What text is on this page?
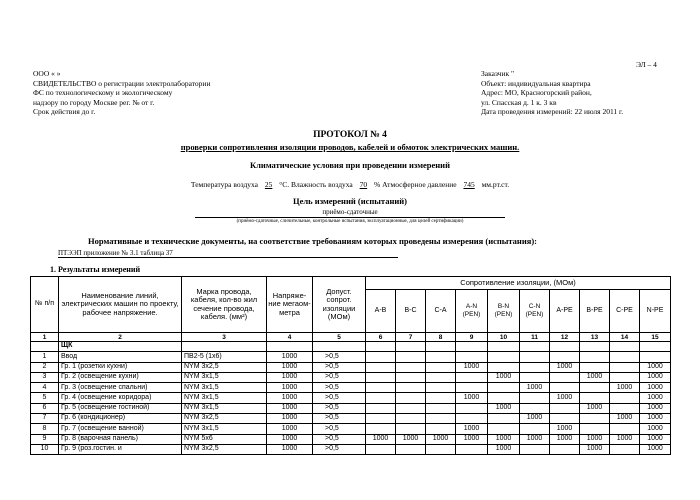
ЭЛ – 4
ООО « »
СВИДЕТЕЛЬСТВО о регистрации электролаборатории
ФС по технологическому и экологическому
надзору по городу Москве рег. № от г.
Срок действия до г.
Заказчик "
Объект: индивидуальная квартира
Адрес: МО, Красногорский район,
ул. Спасская д. 1 к. 3 кв
Дата проведения измерений: 22 июля 2011 г.
ПРОТОКОЛ № 4
проверки сопротивления изоляции проводов, кабелей и обмоток электрических машин.
Климатические условия при проведении измерений
Температура воздуха 25 °С. Влажность воздуха 70 % Атмосферное давление 745 мм.рт.ст.
Цель измерений (испытаний)
приёмо-сдаточные
(приёмо-сдаточные, сличительные, контрольные испытания, эксплуатационные, для целей сертификации)
Нормативные и технические документы, на соответствие требованиям которых проведены измерения (испытания):
ПТЭЭП приложение № 3.1 таблица 37
1. Результаты измерений
№ п/п	Наименование линий, электрических машин по проекту, рабочее напряжение.	Марка провода, кабеля, кол-во жил сечение провода, кабеля. (мм²)	Напряже-ние мегаом-метра	Допуст. сопрот. изоляции (МОм)	Сопротивление изоляции, (МОм)									
					А-В	В-С	С-А	А-N (PEN)	В-N (PEN)	C-N (PEN)	А-РЕ	В-РЕ	С-РЕ	N-PE
1	2	3	4	5	6	7	8	9	10	11	12	13	14	15
	ЩК													
1	Ввод	ПВ2-5 (1х6)	1000	>0,5										
2	Гр. 1 (розетки кухни)	NYM 3x2,5	1000	>0,5				1000			1000			1000
3	Гр. 2 (освещение кухни)	NYM 3x1,5	1000	>0,5					1000			1000		1000
4	Гр. 3 (освещение спальни)	NYM 3x1,5	1000	>0,5						1000			1000	1000
5	Гр. 4 (освещение коридора)	NYM 3x1,5	1000	>0,5				1000			1000			1000
6	Гр. 5 (освещение гостиной)	NYM 3x1,5	1000	>0,5					1000			1000		1000
7	Гр. 6 (кондиционер)	NYM 3x2,5	1000	>0,5						1000			1000	1000
8	Гр. 7 (освещение ванной)	NYM 3x1,5	1000	>0,5				1000			1000			1000
9	Гр. 8 (варочная панель)	NYM 5x6	1000	>0,5	1000	1000	1000	1000	1000	1000	1000	1000	1000	1000
10	Гр. 9 (роз.гостин. и	NYM 3x2,5	1000	>0,5					1000			1000		1000
